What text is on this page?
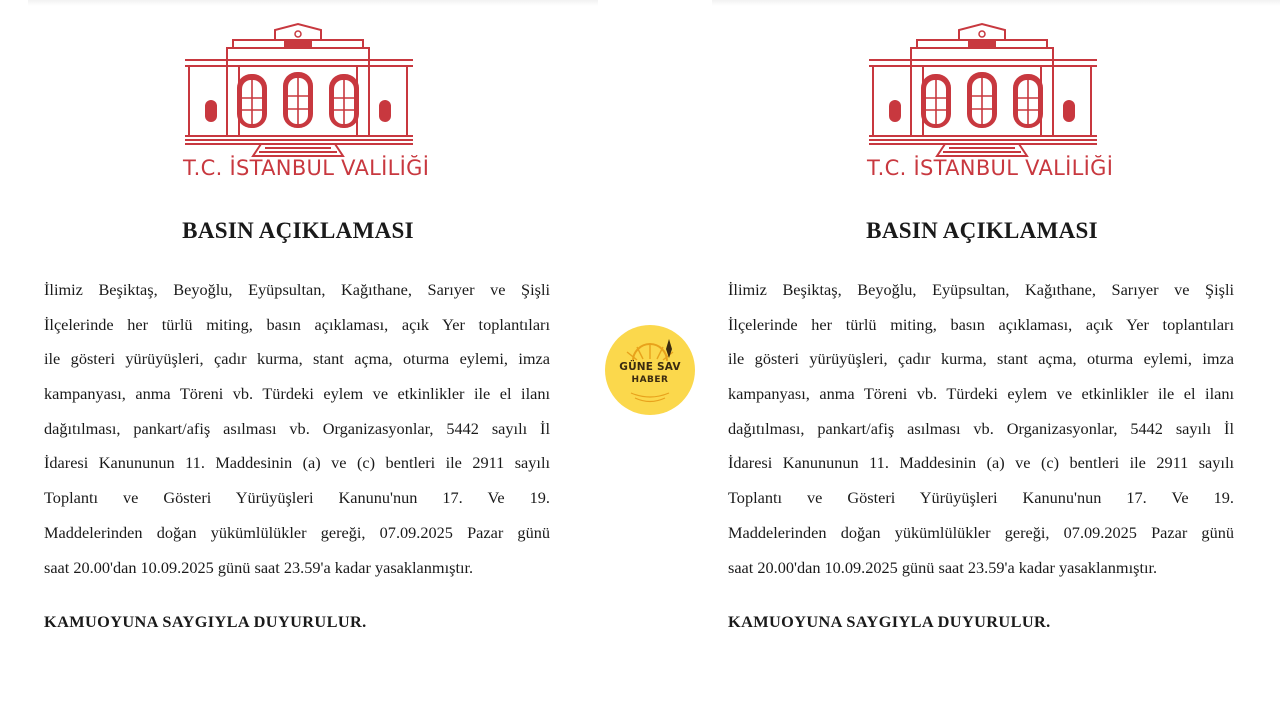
T.C. İSTANBUL VALİLİĞİ
BASIN AÇIKLAMASI
İlimiz Beşiktaş, Beyoğlu, Eyüpsultan, Kağıthane, Sarıyer ve Şişli
İlçelerinde her türlü miting, basın açıklaması, açık Yer toplantıları
ile gösteri yürüyüşleri, çadır kurma, stant açma, oturma eylemi, imza
kampanyası, anma Töreni vb. Türdeki eylem ve etkinlikler ile el ilanı
dağıtılması, pankart/afiş asılması vb. Organizasyonlar, 5442 sayılı İl
İdaresi Kanununun 11. Maddesinin (a) ve (c) bentleri ile 2911 sayılı
Toplantı ve Gösteri Yürüyüşleri Kanunu'nun 17. Ve 19.
Maddelerinden doğan yükümlülükler gereği, 07.09.2025 Pazar günü
saat 20.00'dan 10.09.2025 günü saat 23.59'a kadar yasaklanmıştır.
KAMUOYUNA SAYGIYLA DUYURULUR.
T.C. İSTANBUL VALİLİĞİ
BASIN AÇIKLAMASI
İlimiz Beşiktaş, Beyoğlu, Eyüpsultan, Kağıthane, Sarıyer ve Şişli
İlçelerinde her türlü miting, basın açıklaması, açık Yer toplantıları
ile gösteri yürüyüşleri, çadır kurma, stant açma, oturma eylemi, imza
kampanyası, anma Töreni vb. Türdeki eylem ve etkinlikler ile el ilanı
dağıtılması, pankart/afiş asılması vb. Organizasyonlar, 5442 sayılı İl
İdaresi Kanununun 11. Maddesinin (a) ve (c) bentleri ile 2911 sayılı
Toplantı ve Gösteri Yürüyüşleri Kanunu'nun 17. Ve 19.
Maddelerinden doğan yükümlülükler gereği, 07.09.2025 Pazar günü
saat 20.00'dan 10.09.2025 günü saat 23.59'a kadar yasaklanmıştır.
KAMUOYUNA SAYGIYLA DUYURULUR.
GÜNE SAV
HABER
